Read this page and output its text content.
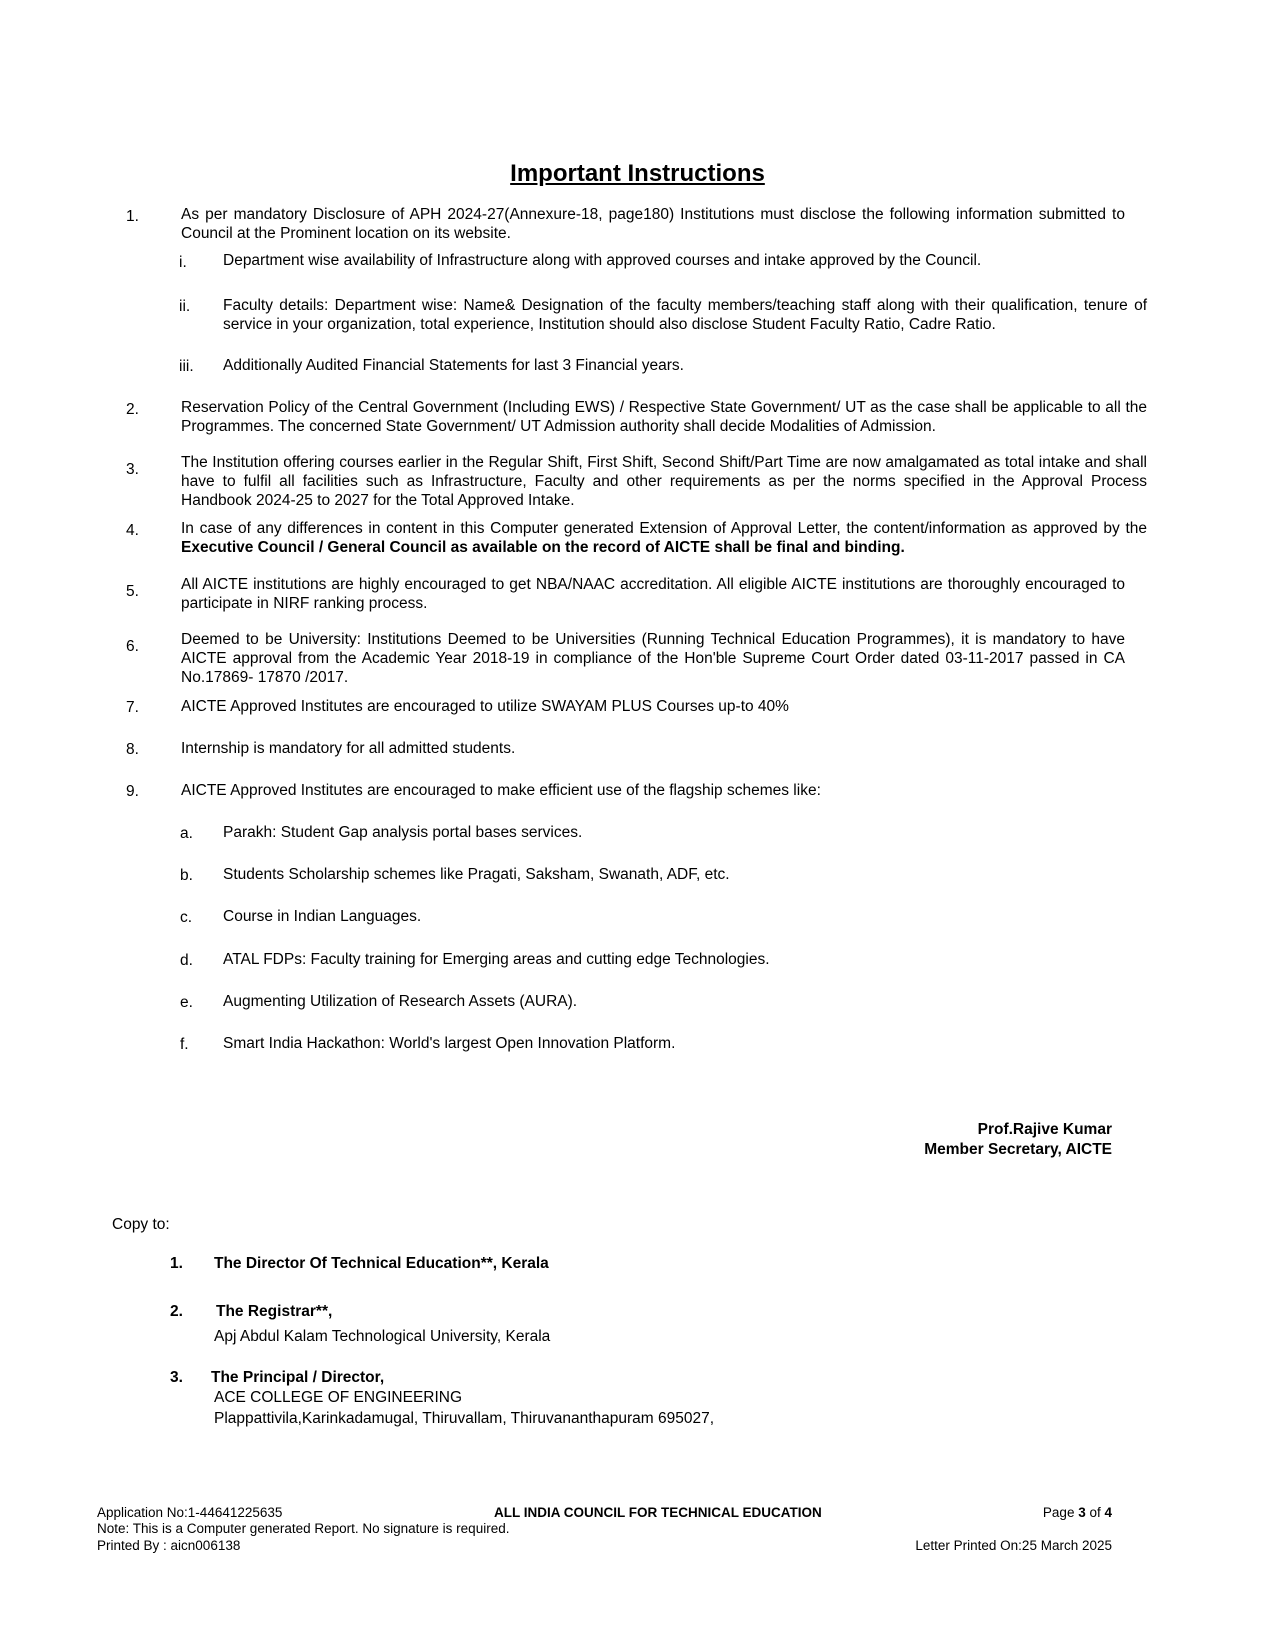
Important Instructions
1.	As per mandatory Disclosure of APH 2024-27(Annexure-18, page180) Institutions must disclose the following information submitted to Council at the Prominent location on its website.
i. Department wise availability of Infrastructure along with approved courses and intake approved by the Council.
ii. Faculty details: Department wise: Name& Designation of the faculty members/teaching staff along with their qualification, tenure of service in your organization, total experience, Institution should also disclose Student Faculty Ratio, Cadre Ratio.
iii. Additionally Audited Financial Statements for last 3 Financial years.
2.	Reservation Policy of the Central Government (Including EWS) / Respective State Government/ UT as the case shall be applicable to all the Programmes. The concerned State Government/ UT Admission authority shall decide Modalities of Admission.
3.	The Institution offering courses earlier in the Regular Shift, First Shift, Second Shift/Part Time are now amalgamated as total intake and shall have to fulfil all facilities such as Infrastructure, Faculty and other requirements as per the norms specified in the Approval Process Handbook 2024-25 to 2027 for the Total Approved Intake.
4.	In case of any differences in content in this Computer generated Extension of Approval Letter, the content/information as approved by the Executive Council / General Council as available on the record of AICTE shall be final and binding.
5.	All AICTE institutions are highly encouraged to get NBA/NAAC accreditation. All eligible AICTE institutions are thoroughly encouraged to participate in NIRF ranking process.
6.	Deemed to be University: Institutions Deemed to be Universities (Running Technical Education Programmes), it is mandatory to have AICTE approval from the Academic Year 2018-19 in compliance of the Hon'ble Supreme Court Order dated 03-11-2017 passed in CA No.17869- 17870 /2017.
7.	AICTE Approved Institutes are encouraged to utilize SWAYAM PLUS Courses up-to 40%
8.	Internship is mandatory for all admitted students.
9.	AICTE Approved Institutes are encouraged to make efficient use of the flagship schemes like:
a. Parakh: Student Gap analysis portal bases services.
b. Students Scholarship schemes like Pragati, Saksham, Swanath, ADF, etc.
c. Course in Indian Languages.
d. ATAL FDPs: Faculty training for Emerging areas and cutting edge Technologies.
e. Augmenting Utilization of Research Assets (AURA).
f. Smart India Hackathon: World's largest Open Innovation Platform.
Prof.Rajive Kumar
Member Secretary, AICTE
Copy to:
1. The Director Of Technical Education**, Kerala
2. The Registrar**,
Apj Abdul Kalam Technological University, Kerala
3. The Principal / Director,
ACE COLLEGE OF ENGINEERING
Plappattivila,Karinkadamugal, Thiruvallam, Thiruvananthapuram 695027,
Application No:1-44641225635	ALL INDIA COUNCIL FOR TECHNICAL EDUCATION	Page 3 of 4
Note: This is a Computer generated Report. No signature is required.
Printed By : aicn006138	Letter Printed On:25 March 2025
